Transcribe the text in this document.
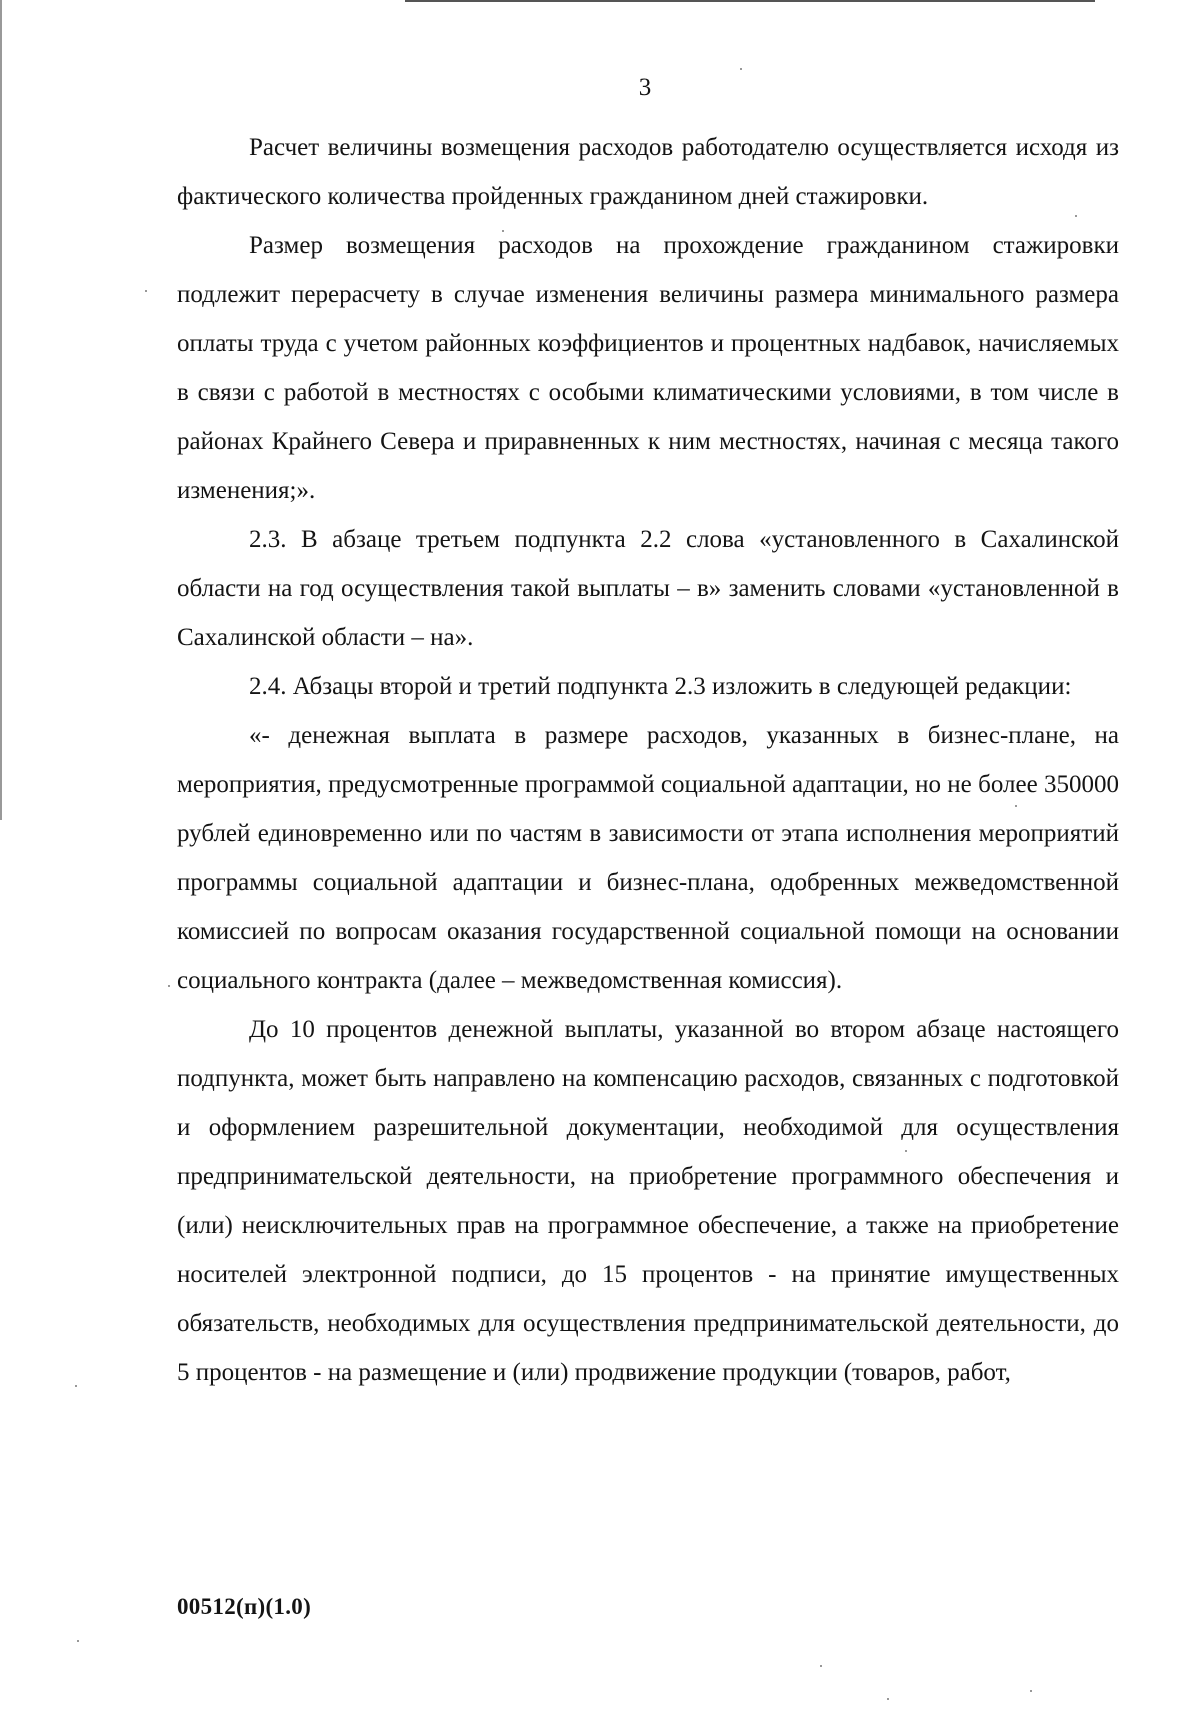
3

Расчет величины возмещения расходов работодателю осуществляется исходя из фактического количества пройденных гражданином дней стажировки.

Размер возмещения расходов на прохождение гражданином стажировки подлежит перерасчету в случае изменения величины размера минимального размера оплаты труда с учетом районных коэффициентов и процентных надбавок, начисляемых в связи с работой в местностях с особыми климатическими условиями, в том числе в районах Крайнего Севера и приравненных к ним местностях, начиная с месяца такого изменения;».

2.3. В абзаце третьем подпункта 2.2 слова «установленного в Сахалинской области на год осуществления такой выплаты – в» заменить словами «установленной в Сахалинской области – на».

2.4. Абзацы второй и третий подпункта 2.3 изложить в следующей редакции:

«- денежная выплата в размере расходов, указанных в бизнес-плане, на мероприятия, предусмотренные программой социальной адаптации, но не более 350000 рублей единовременно или по частям в зависимости от этапа исполнения мероприятий программы социальной адаптации и бизнес-плана, одобренных межведомственной комиссией по вопросам оказания государственной социальной помощи на основании социального контракта (далее – межведомственная комиссия).

До 10 процентов денежной выплаты, указанной во втором абзаце настоящего подпункта, может быть направлено на компенсацию расходов, связанных с подготовкой и оформлением разрешительной документации, необходимой для осуществления предпринимательской деятельности, на приобретение программного обеспечения и (или) неисключительных прав на программное обеспечение, а также на приобретение носителей электронной подписи, до 15 процентов - на принятие имущественных обязательств, необходимых для осуществления предпринимательской деятельности, до 5 процентов - на размещение и (или) продвижение продукции (товаров, работ,

00512(п)(1.0)
